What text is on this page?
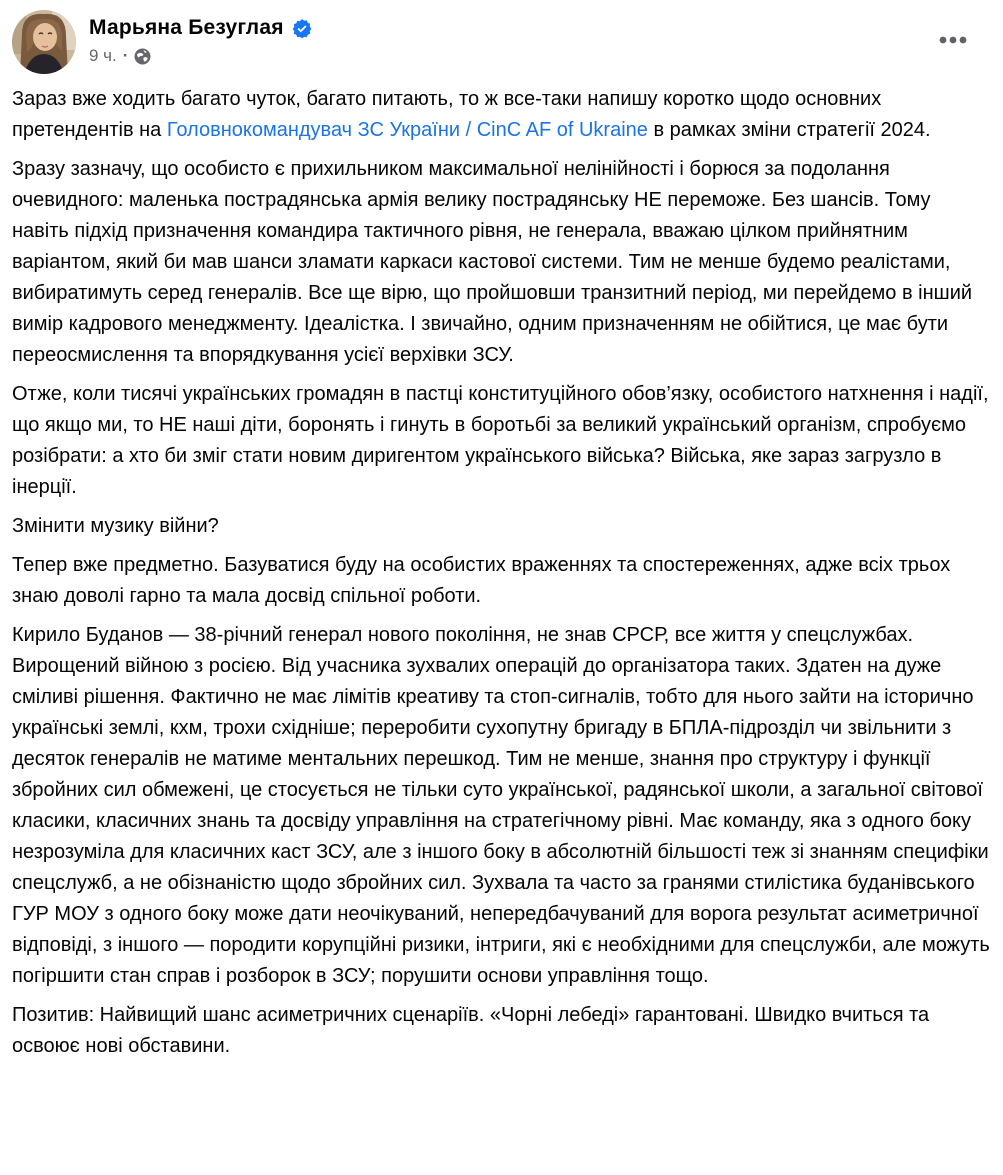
Марьяна Безуглая
9 ч. ·

Зараз вже ходить багато чуток, багато питають, то ж все-таки напишу коротко щодо основних претендентів на Головнокомандувач ЗС України / CinC AF of Ukraine в рамках зміни стратегії 2024.

Зразу зазначу, що особисто є прихильником максимальної нелінійності і борюся за подолання очевидного: маленька пострадянська армія велику пострадянську НЕ переможе. Без шансів. Тому навіть підхід призначення командира тактичного рівня, не генерала, вважаю цілком прийнятним варіантом, який би мав шанси зламати каркаси кастової системи. Тим не менше будемо реалістами, вибиратимуть серед генералів. Все ще вірю, що пройшовши транзитний період, ми перейдемо в інший вимір кадрового менеджменту. Ідеалістка. І звичайно, одним призначенням не обійтися, це має бути переосмислення та впорядкування усієї верхівки ЗСУ.

Отже, коли тисячі українських громадян в пастці конституційного обов’язку, особистого натхнення і надії, що якщо ми, то НЕ наші діти, боронять і гинуть в боротьбі за великий український організм, спробуємо розібрати: а хто би зміг стати новим диригентом українського війська? Війська, яке зараз загрузло в інерції.

Змінити музику війни?

Тепер вже предметно. Базуватися буду на особистих враженнях та спостереженнях, адже всіх трьох знаю доволі гарно та мала досвід спільної роботи.

Кирило Буданов — 38-річний генерал нового покоління, не знав СРСР, все життя у спецслужбах. Вирощений війною з росією. Від учасника зухвалих операцій до організатора таких. Здатен на дуже сміливі рішення. Фактично не має лімітів креативу та стоп-сигналів, тобто для нього зайти на історично українські землі, кхм, трохи східніше; переробити сухопутну бригаду в БПЛА-підрозділ чи звільнити з десяток генералів не матиме ментальних перешкод. Тим не менше, знання про структуру і функції збройних сил обмежені, це стосується не тільки суто української, радянської школи, а загальної світової класики, класичних знань та досвіду управління на стратегічному рівні. Має команду, яка з одного боку незрозуміла для класичних каст ЗСУ, але з іншого боку в абсолютній більшості теж зі знанням специфіки спецслужб, а не обізнаністю щодо збройних сил. Зухвала та часто за гранями стилістика буданівського ГУР МОУ з одного боку може дати неочікуваний, непередбачуваний для ворога результат асиметричної відповіді, з іншого — породити корупційні ризики, інтриги, які є необхідними для спецслужби, але можуть погіршити стан справ і розборок в ЗСУ; порушити основи управління тощо.

Позитив: Найвищий шанс асиметричних сценаріїв. «Чорні лебеді» гарантовані. Швидко вчиться та освоює нові обставини.
